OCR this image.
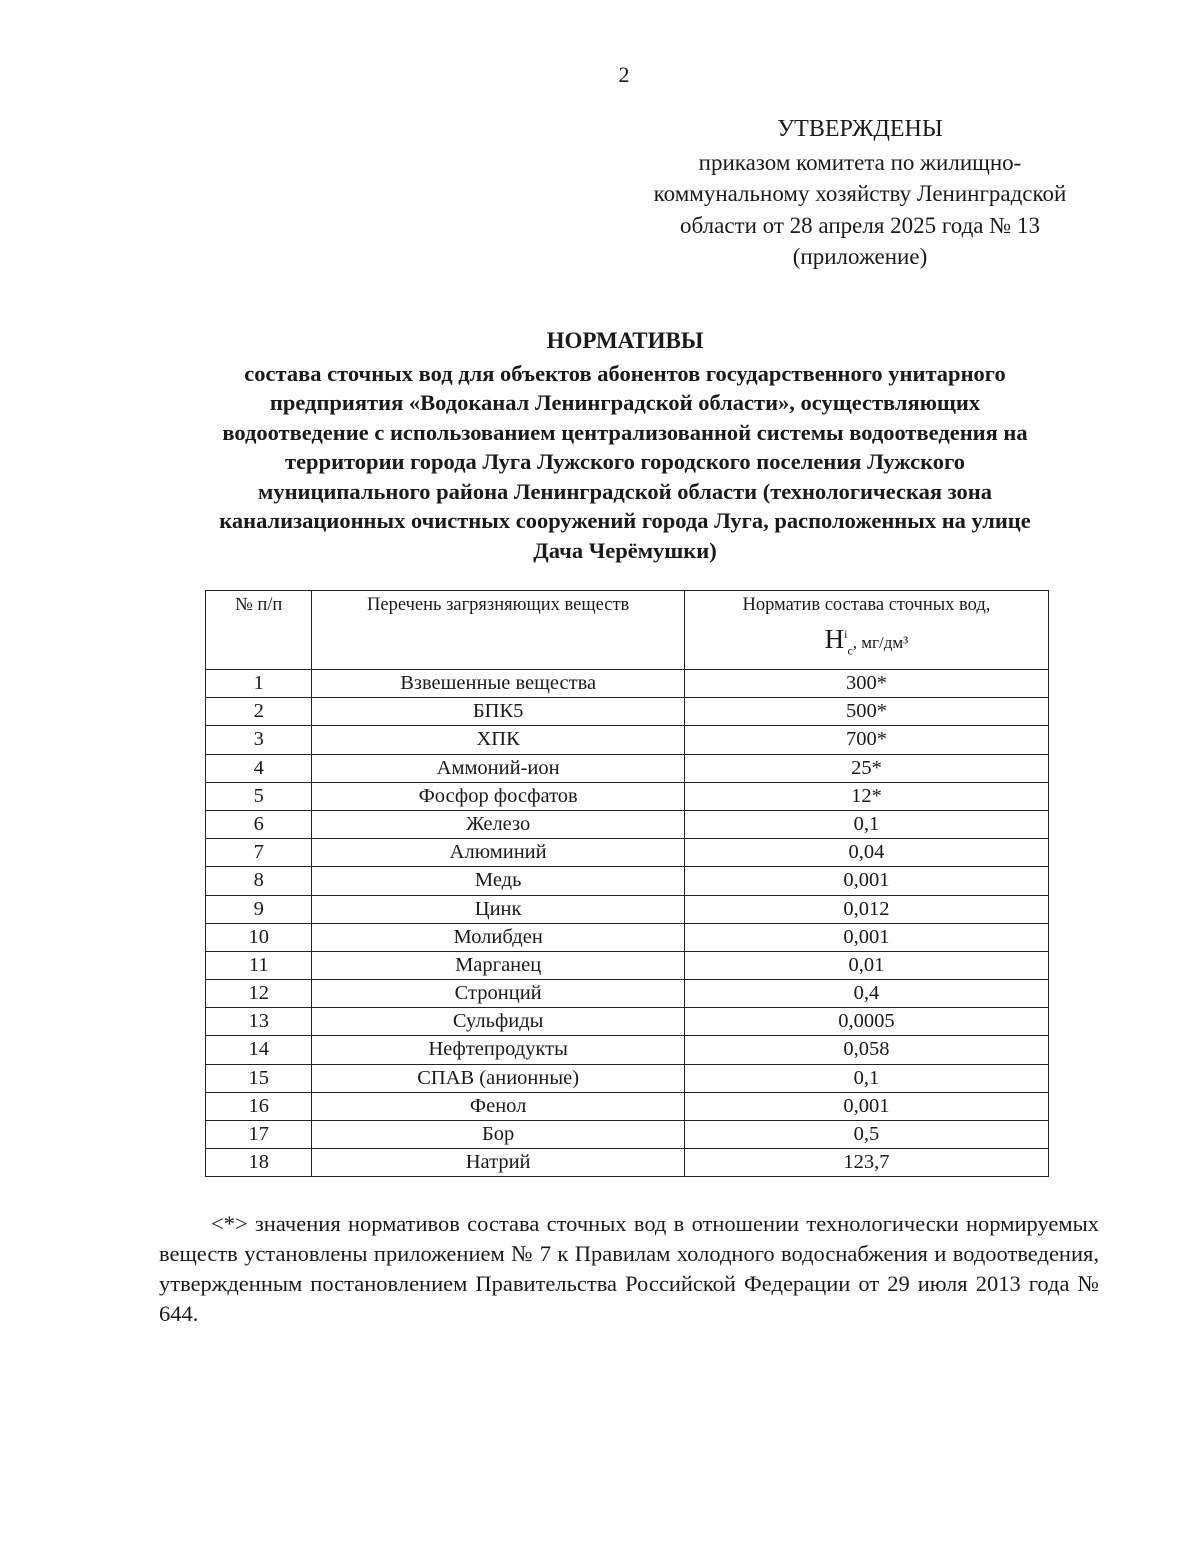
2
УТВЕРЖДЕНЫ
приказом комитета по жилищно-
коммунальному хозяйству Ленинградской
области от 28 апреля 2025 года № 13
(приложение)
НОРМАТИВЫ
состава сточных вод для объектов абонентов государственного унитарного
предприятия «Водоканал Ленинградской области», осуществляющих
водоотведение с использованием централизованной системы водоотведения на
территории города Луга Лужского городского поселения Лужского
муниципального района Ленинградской области (технологическая зона
канализационных очистных сооружений города Луга, расположенных на улице
Дача Черёмушки)
№ п/п	Перечень загрязняющих веществ	Норматив состава сточных вод,
$Н^i_c$, мг/дм³

1	Взвешенные вещества	300*
2	БПК5	500*
3	ХПК	700*
4	Аммоний-ион	25*
5	Фосфор фосфатов	12*
6	Железо	0,1
7	Алюминий	0,04
8	Медь	0,001
9	Цинк	0,012
10	Молибден	0,001
11	Марганец	0,01
12	Стронций	0,4
13	Сульфиды	0,0005
14	Нефтепродукты	0,058
15	СПАВ (анионные)	0,1
16	Фенол	0,001
17	Бор	0,5
18	Натрий	123,7
<*> значения нормативов состава сточных вод в отношении технологически нормируемых веществ установлены приложением № 7 к Правилам холодного водоснабжения и водоотведения, утвержденным постановлением Правительства Российской Федерации от 29 июля 2013 года № 644.
